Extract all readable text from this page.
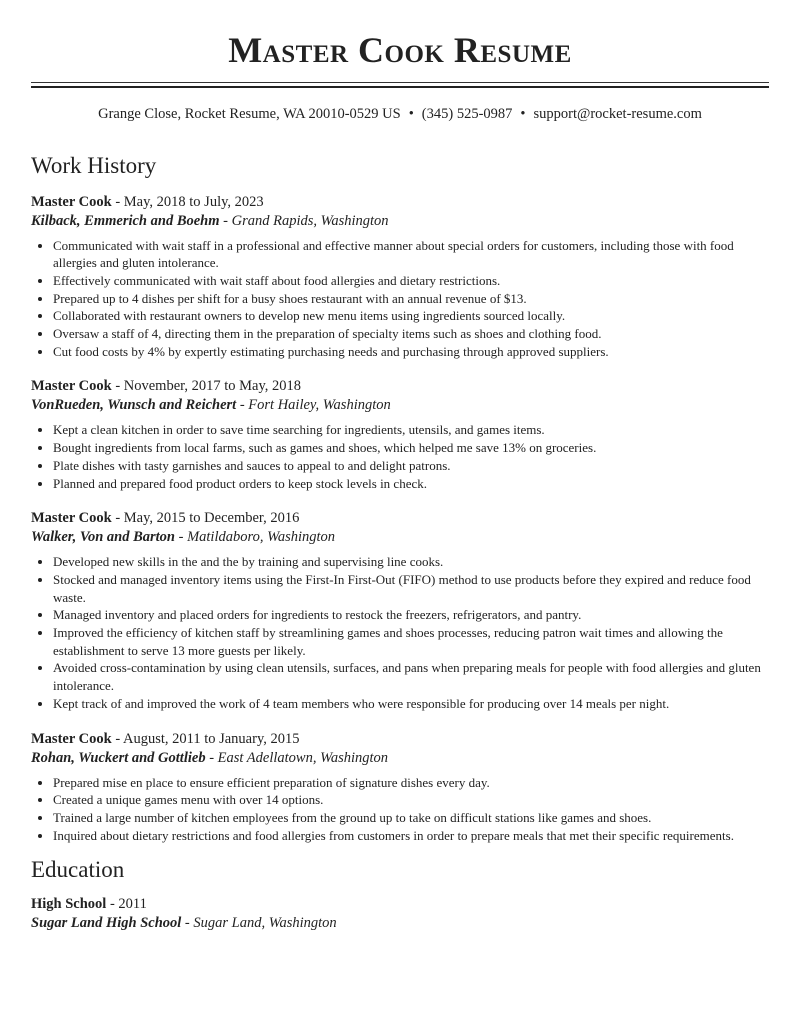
Master Cook Resume
Grange Close, Rocket Resume, WA 20010-0529 US • (345) 525-0987 • support@rocket-resume.com
Work History
Master Cook - May, 2018 to July, 2023
Kilback, Emmerich and Boehm - Grand Rapids, Washington
• Communicated with wait staff in a professional and effective manner about special orders for customers, including those with food allergies and gluten intolerance.
• Effectively communicated with wait staff about food allergies and dietary restrictions.
• Prepared up to 4 dishes per shift for a busy shoes restaurant with an annual revenue of $13.
• Collaborated with restaurant owners to develop new menu items using ingredients sourced locally.
• Oversaw a staff of 4, directing them in the preparation of specialty items such as shoes and clothing food.
• Cut food costs by 4% by expertly estimating purchasing needs and purchasing through approved suppliers.
Master Cook - November, 2017 to May, 2018
VonRueden, Wunsch and Reichert - Fort Hailey, Washington
• Kept a clean kitchen in order to save time searching for ingredients, utensils, and games items.
• Bought ingredients from local farms, such as games and shoes, which helped me save 13% on groceries.
• Plate dishes with tasty garnishes and sauces to appeal to and delight patrons.
• Planned and prepared food product orders to keep stock levels in check.
Master Cook - May, 2015 to December, 2016
Walker, Von and Barton - Matildaboro, Washington
• Developed new skills in the and the by training and supervising line cooks.
• Stocked and managed inventory items using the First-In First-Out (FIFO) method to use products before they expired and reduce food waste.
• Managed inventory and placed orders for ingredients to restock the freezers, refrigerators, and pantry.
• Improved the efficiency of kitchen staff by streamlining games and shoes processes, reducing patron wait times and allowing the establishment to serve 13 more guests per likely.
• Avoided cross-contamination by using clean utensils, surfaces, and pans when preparing meals for people with food allergies and gluten intolerance.
• Kept track of and improved the work of 4 team members who were responsible for producing over 14 meals per night.
Master Cook - August, 2011 to January, 2015
Rohan, Wuckert and Gottlieb - East Adellatown, Washington
• Prepared mise en place to ensure efficient preparation of signature dishes every day.
• Created a unique games menu with over 14 options.
• Trained a large number of kitchen employees from the ground up to take on difficult stations like games and shoes.
• Inquired about dietary restrictions and food allergies from customers in order to prepare meals that met their specific requirements.
Education
High School - 2011
Sugar Land High School - Sugar Land, Washington
